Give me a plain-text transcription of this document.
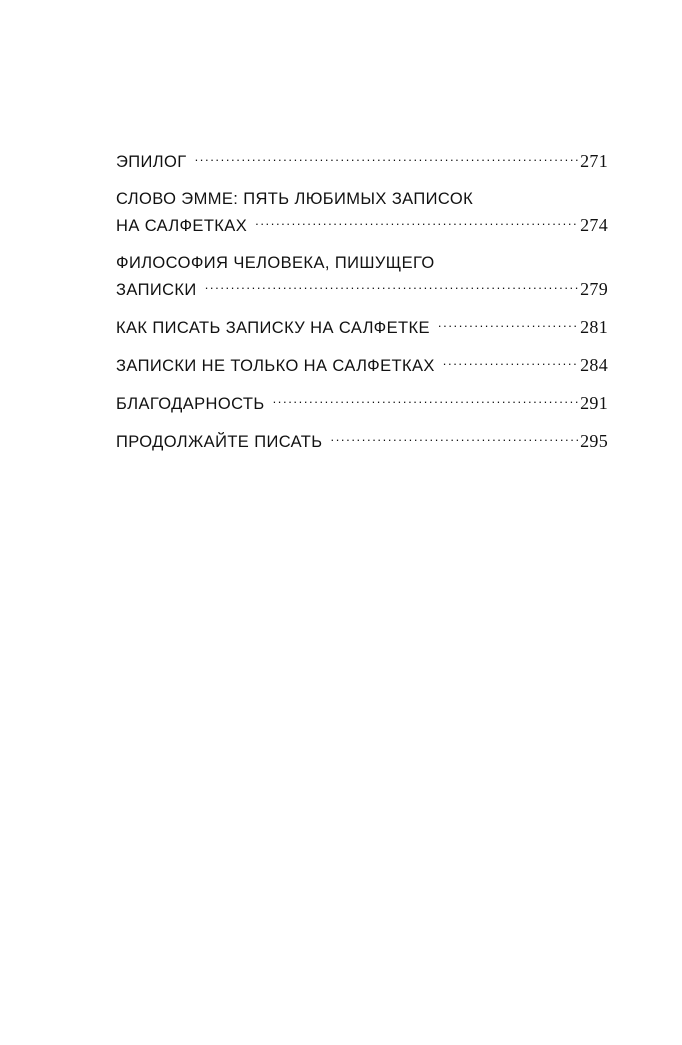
ЭПИЛОГ .....	271
СЛОВО ЭММЕ: ПЯТЬ ЛЮБИМЫХ ЗАПИСОК
НА САЛФЕТКАХ .....	274
ФИЛОСОФИЯ ЧЕЛОВЕКА, ПИШУЩЕГО
ЗАПИСКИ .....	279
КАК ПИСАТЬ ЗАПИСКУ НА САЛФЕТКЕ .....	281
ЗАПИСКИ НЕ ТОЛЬКО НА САЛФЕТКАХ .....	284
БЛАГОДАРНОСТЬ .....	291
ПРОДОЛЖАЙТЕ ПИСАТЬ .....	295
